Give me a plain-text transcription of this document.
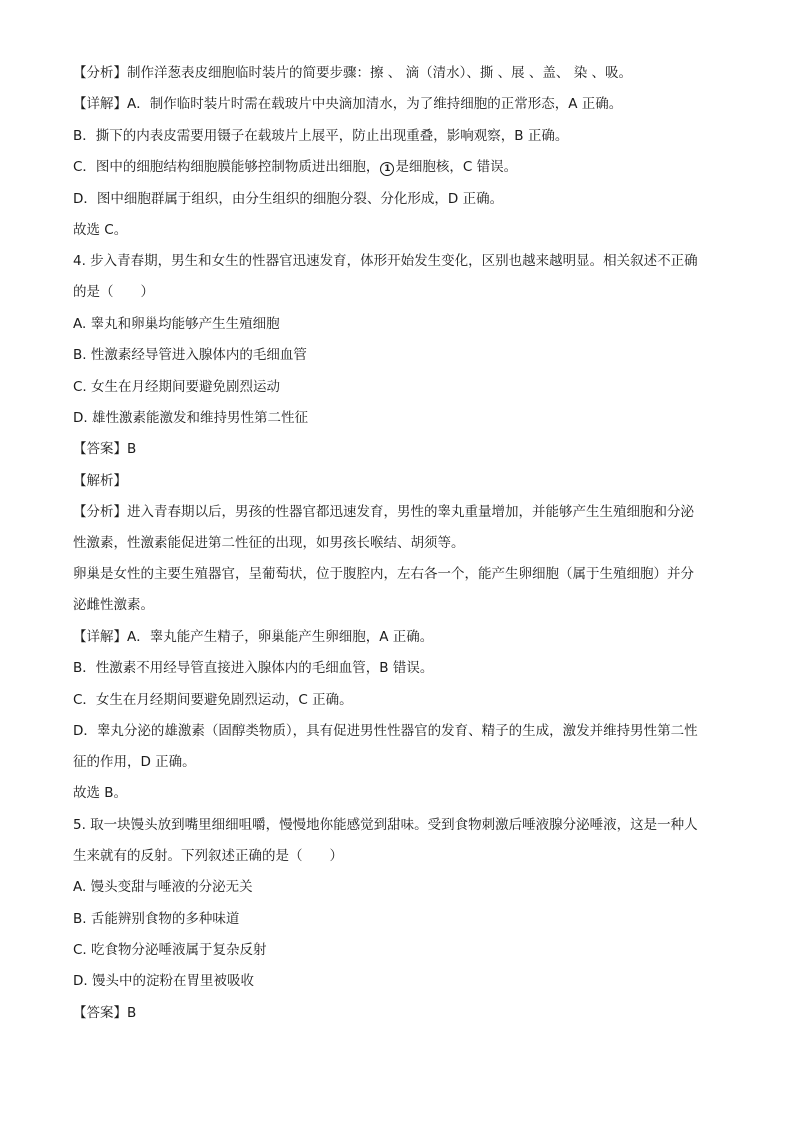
【分析】制作洋葱表皮细胞临时装片的简要步骤：擦 、 滴（清水）、撕 、展 、盖、 染 、吸。
【详解】A．制作临时装片时需在载玻片中央滴加清水，为了维持细胞的正常形态，A 正确。
B．撕下的内表皮需要用镊子在载玻片上展平，防止出现重叠，影响观察，B 正确。
C．图中的细胞结构细胞膜能够控制物质进出细胞， 1 是细胞核，C 错误。
D．图中细胞群属于组织，由分生组织的细胞分裂、分化形成，D 正确。
故选 C。
4. 步入青春期，男生和女生的性器官迅速发育，体形开始发生变化，区别也越来越明显。相关叙述不正确
的是（　　）
A. 睾丸和卵巢均能够产生生殖细胞
B. 性激素经导管进入腺体内的毛细血管
C. 女生在月经期间要避免剧烈运动
D. 雄性激素能激发和维持男性第二性征
【答案】B
【解析】
【分析】进入青春期以后，男孩的性器官都迅速发育，男性的睾丸重量增加，并能够产生生殖细胞和分泌
性激素，性激素能促进第二性征的出现，如男孩长喉结、胡须等。
卵巢是女性的主要生殖器官，呈葡萄状，位于腹腔内，左右各一个，能产生卵细胞（属于生殖细胞）并分
泌雌性激素。
【详解】A．睾丸能产生精子，卵巢能产生卵细胞，A 正确。
B．性激素不用经导管直接进入腺体内的毛细血管，B 错误。
C．女生在月经期间要避免剧烈运动，C 正确。
D．睾丸分泌的雄激素（固醇类物质），具有促进男性性器官的发育、精子的生成，激发并维持男性第二性
征的作用，D 正确。
故选 B。
5. 取一块馒头放到嘴里细细咀嚼，慢慢地你能感觉到甜味。受到食物刺激后唾液腺分泌唾液，这是一种人
生来就有的反射。下列叙述正确的是（　　）
A. 馒头变甜与唾液的分泌无关
B. 舌能辨别食物的多种味道
C. 吃食物分泌唾液属于复杂反射
D. 馒头中的淀粉在胃里被吸收
【答案】B
